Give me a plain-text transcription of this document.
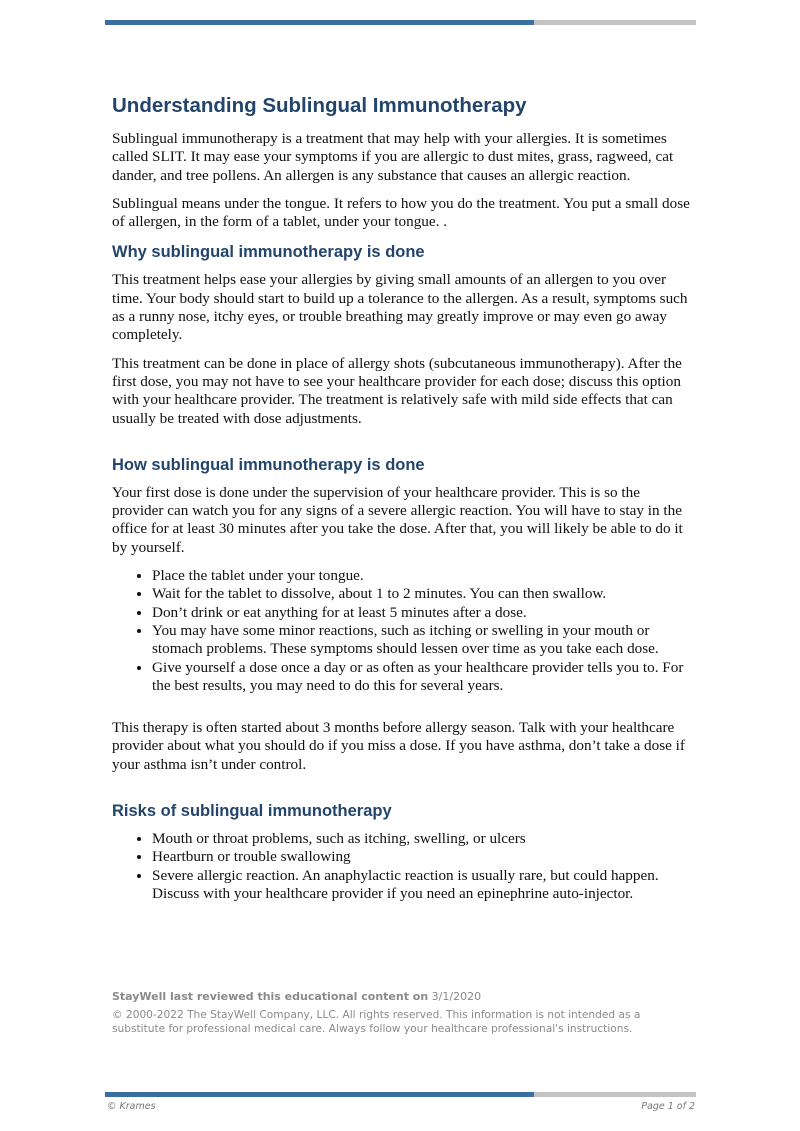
Understanding Sublingual Immunotherapy

Sublingual immunotherapy is a treatment that may help with your allergies. It is sometimes called SLIT. It may ease your symptoms if you are allergic to dust mites, grass, ragweed, cat dander, and tree pollens. An allergen is any substance that causes an allergic reaction.

Sublingual means under the tongue. It refers to how you do the treatment. You put a small dose of allergen, in the form of a tablet, under your tongue. .

Why sublingual immunotherapy is done

This treatment helps ease your allergies by giving small amounts of an allergen to you over time. Your body should start to build up a tolerance to the allergen. As a result, symptoms such as a runny nose, itchy eyes, or trouble breathing may greatly improve or may even go away completely.

This treatment can be done in place of allergy shots (subcutaneous immunotherapy). After the first dose, you may not have to see your healthcare provider for each dose; discuss this option with your healthcare provider. The treatment is relatively safe with mild side effects that can usually be treated with dose adjustments.

How sublingual immunotherapy is done

Your first dose is done under the supervision of your healthcare provider. This is so the provider can watch you for any signs of a severe allergic reaction. You will have to stay in the office for at least 30 minutes after you take the dose. After that, you will likely be able to do it by yourself.

• Place the tablet under your tongue.
• Wait for the tablet to dissolve, about 1 to 2 minutes. You can then swallow.
• Don’t drink or eat anything for at least 5 minutes after a dose.
• You may have some minor reactions, such as itching or swelling in your mouth or stomach problems. These symptoms should lessen over time as you take each dose.
• Give yourself a dose once a day or as often as your healthcare provider tells you to. For the best results, you may need to do this for several years.

This therapy is often started about 3 months before allergy season. Talk with your healthcare provider about what you should do if you miss a dose. If you have asthma, don’t take a dose if your asthma isn’t under control.

Risks of sublingual immunotherapy
• Mouth or throat problems, such as itching, swelling, or ulcers
• Heartburn or trouble swallowing
• Severe allergic reaction. An anaphylactic reaction is usually rare, but could happen. Discuss with your healthcare provider if you need an epinephrine auto-injector.
StayWell last reviewed this educational content on 3/1/2020
© 2000-2022 The StayWell Company, LLC. All rights reserved. This information is not intended as a substitute for professional medical care. Always follow your healthcare professional's instructions.
© Krames	Page 1 of 2
